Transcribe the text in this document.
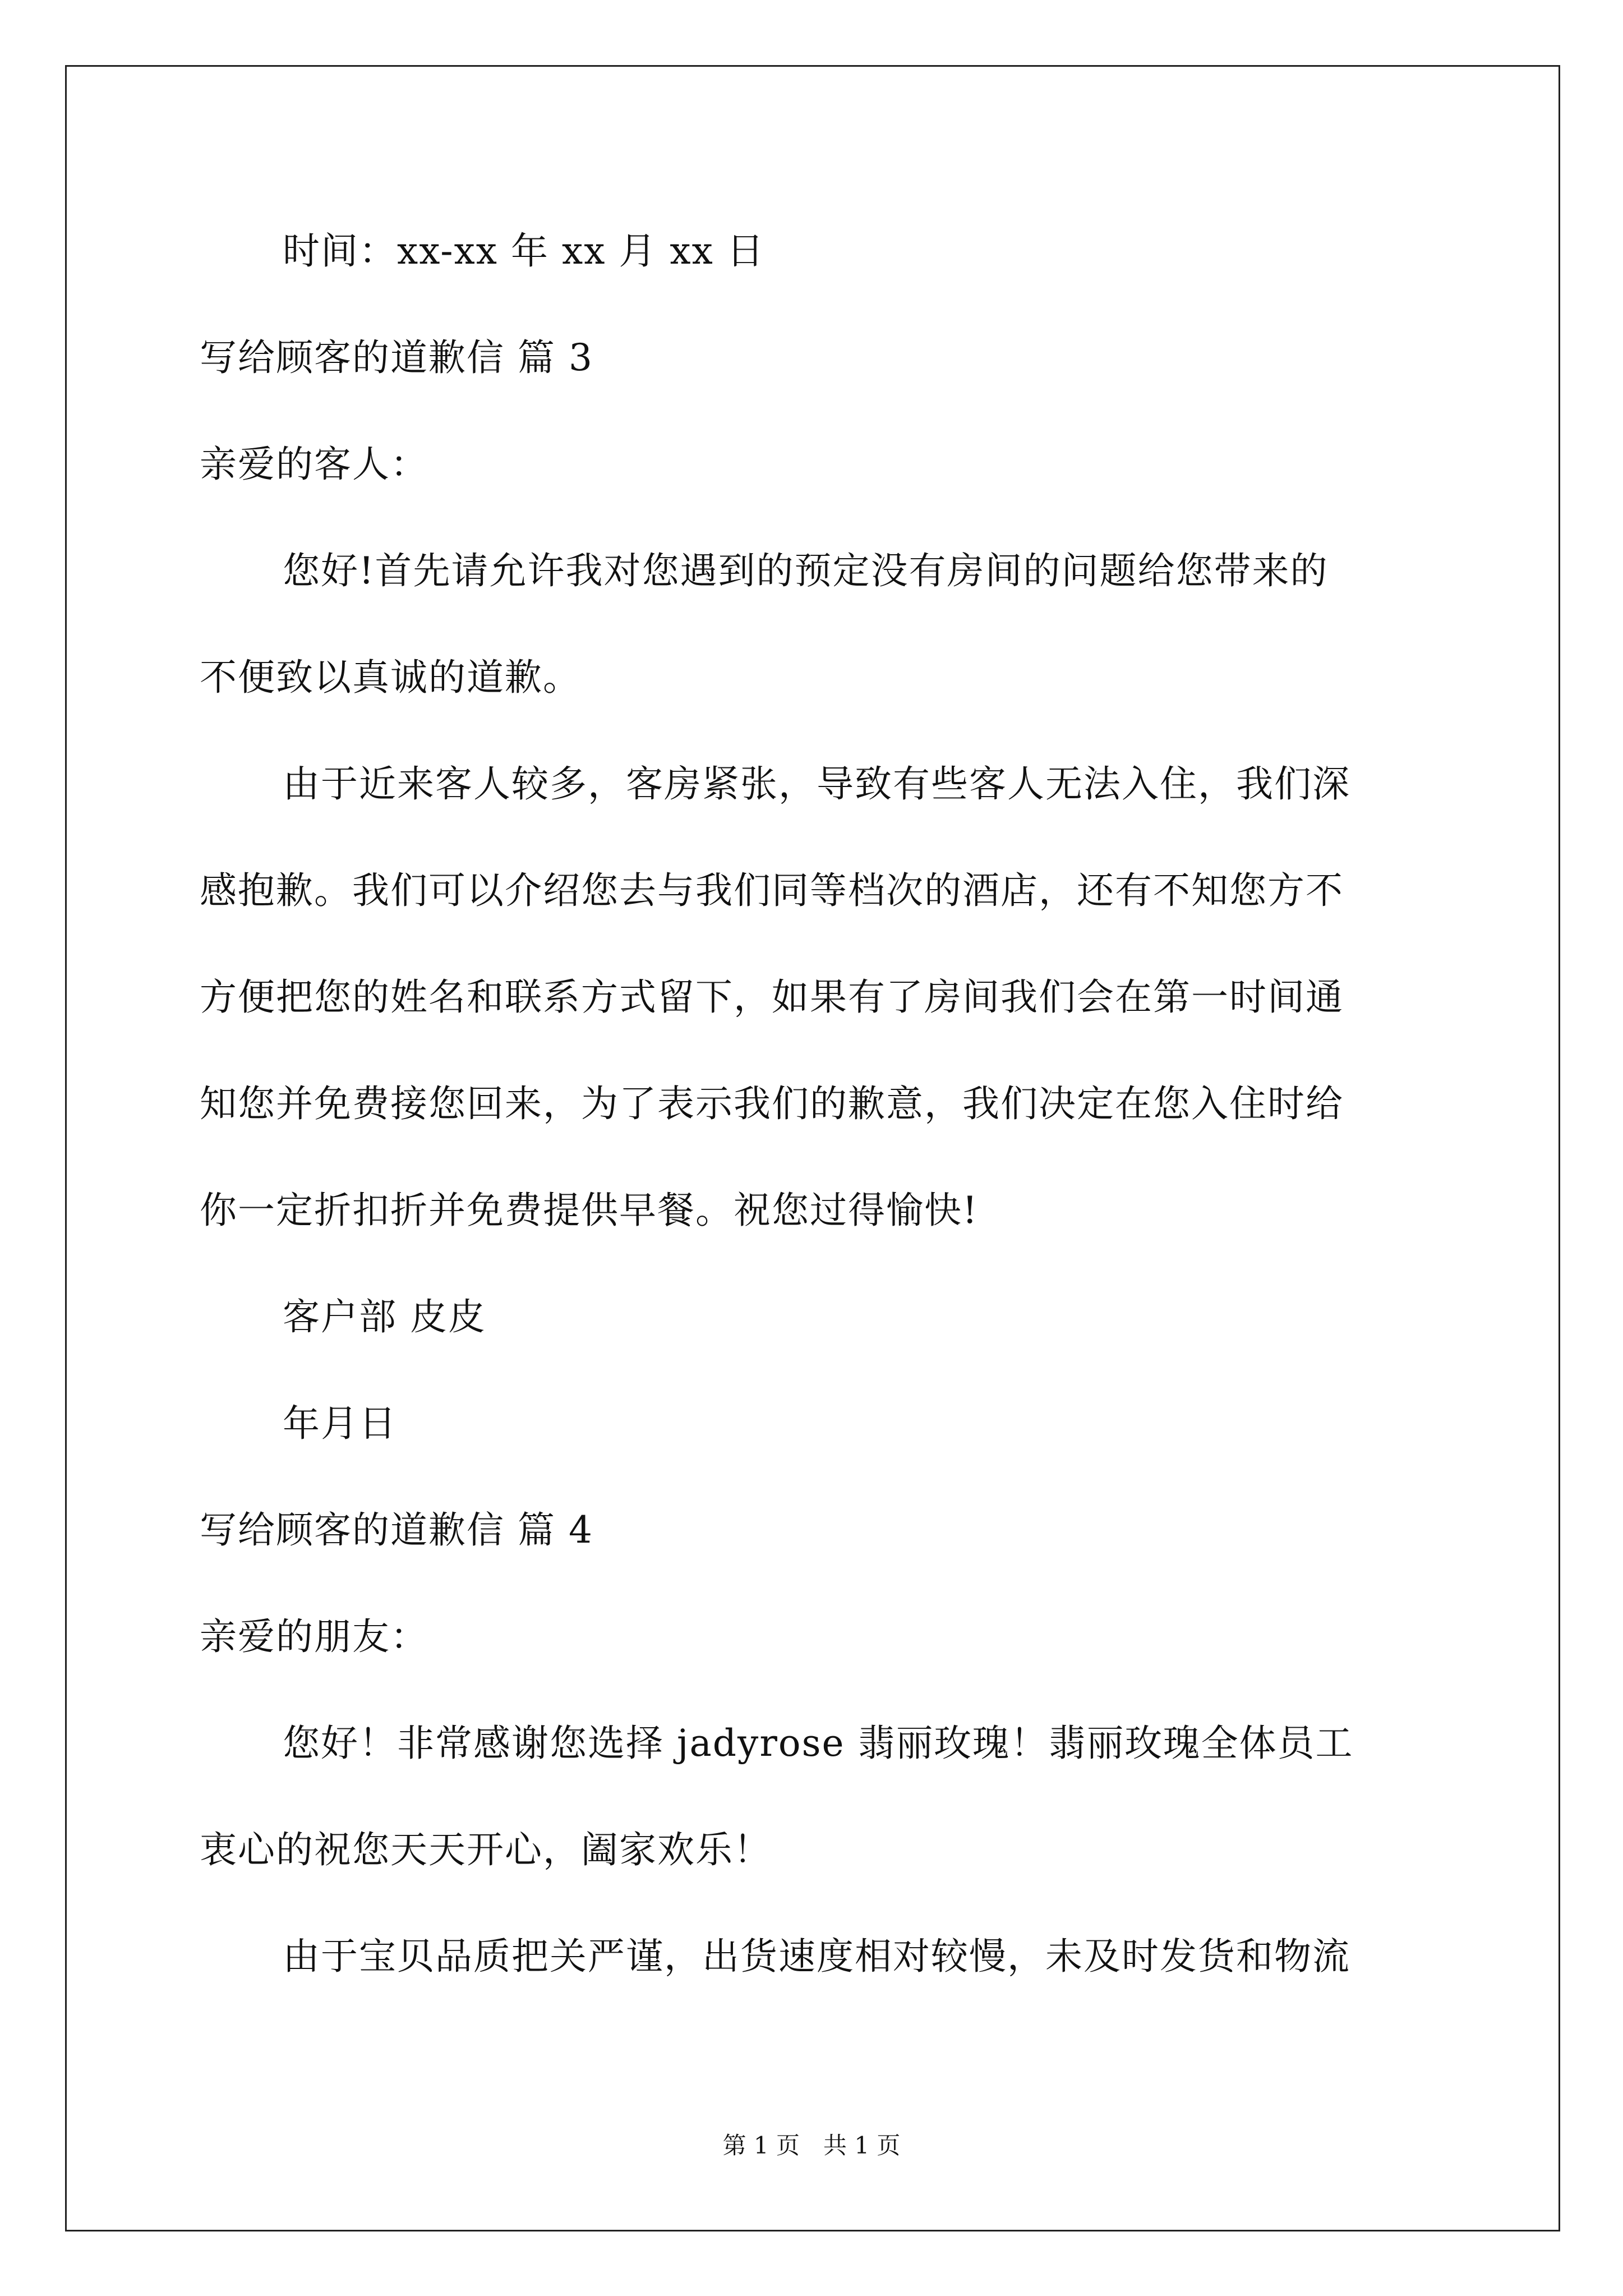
时间：xx-xx 年 xx 月 xx 日
写给顾客的道歉信 篇 3
亲爱的客人：
您好!首先请允许我对您遇到的预定没有房间的问题给您带来的
不便致以真诚的道歉。
由于近来客人较多，客房紧张，导致有些客人无法入住，我们深
感抱歉。我们可以介绍您去与我们同等档次的酒店，还有不知您方不
方便把您的姓名和联系方式留下，如果有了房间我们会在第一时间通
知您并免费接您回来，为了表示我们的歉意，我们决定在您入住时给
你一定折扣折并免费提供早餐。祝您过得愉快!
客户部 皮皮
年月日
写给顾客的道歉信 篇 4
亲爱的朋友：
您好！非常感谢您选择 jadyrose 翡丽玫瑰！翡丽玫瑰全体员工
衷心的祝您天天开心，阖家欢乐！
由于宝贝品质把关严谨，出货速度相对较慢，未及时发货和物流
第 1 页　共 1 页
